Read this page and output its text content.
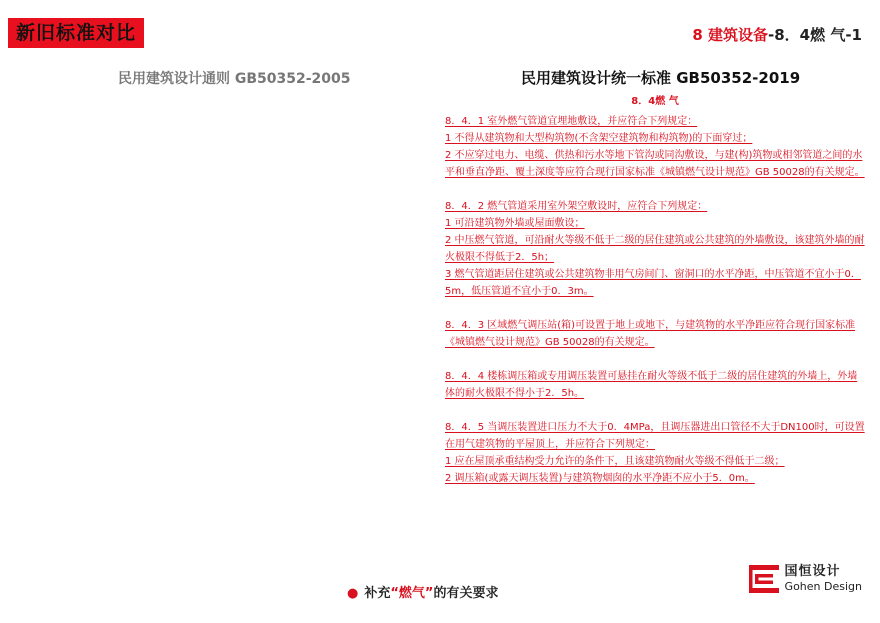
新旧标准对比	8 建筑设备-8．4燃 气-1
民用建筑设计通则 GB50352-2005	民用建筑设计统一标准 GB50352-2019
8．4燃 气

8．4．1 室外燃气管道宜埋地敷设，并应符合下列规定：

1 不得从建筑物和大型构筑物(不含架空建筑物和构筑物)的下面穿过；

2 不应穿过电力、电缆、供热和污水等地下管沟或同沟敷设，与建(构)筑物或相邻管道之间的水平和垂直净距、覆土深度等应符合现行国家标准《城镇燃气设计规范》GB 50028的有关规定。

8．4．2 燃气管道采用室外架空敷设时，应符合下列规定：

1 可沿建筑物外墙或屋面敷设；

2 中压燃气管道，可沿耐火等级不低于二级的居住建筑或公共建筑的外墙敷设，该建筑外墙的耐火极限不得低于2．5h；

3 燃气管道距居住建筑或公共建筑物非用气房间门、窗洞口的水平净距，中压管道不宜小于0．5m，低压管道不宜小于0．3m。

8．4．3 区域燃气调压站(箱)可设置于地上或地下，与建筑物的水平净距应符合现行国家标准《城镇燃气设计规范》GB 50028的有关规定。

8．4．4 楼栋调压箱或专用调压装置可悬挂在耐火等级不低于二级的居住建筑的外墙上，外墙体的耐火极限不得小于2．5h。

8．4．5 当调压装置进口压力不大于0．4MPa，且调压器进出口管径不大于DN100时，可设置在用气建筑物的平屋顶上，并应符合下列规定：

1 应在屋顶承重结构受力允许的条件下，且该建筑物耐火等级不得低于二级；

2 调压箱(或露天调压装置)与建筑物烟囱的水平净距不应小于5．0m。

● 补充“燃气”的有关要求
国恒设计
Gohen Design
